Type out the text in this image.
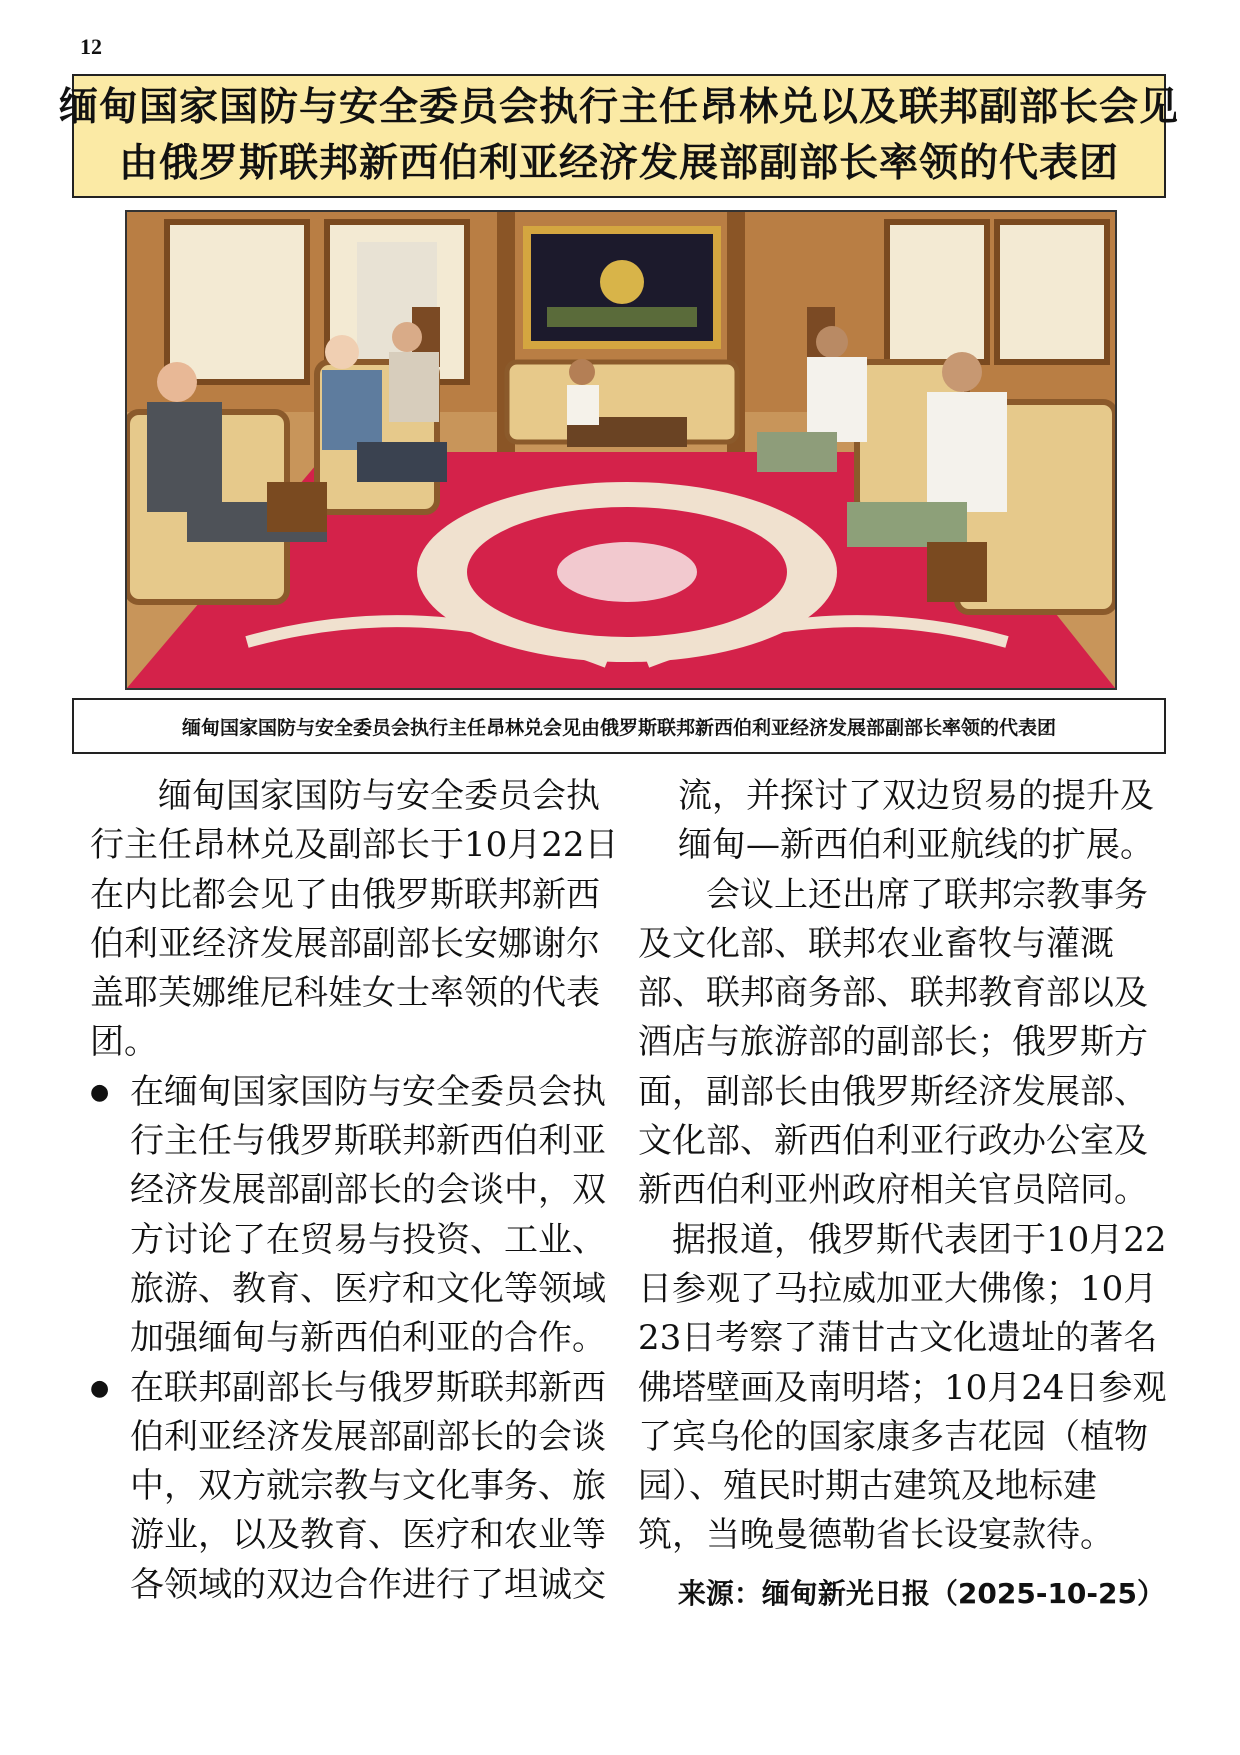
12
缅甸国家国防与安全委员会执行主任昂林兑以及联邦副部长会见
由俄罗斯联邦新西伯利亚经济发展部副部长率领的代表团
缅甸国家国防与安全委员会执行主任昂林兑会见由俄罗斯联邦新西伯利亚经济发展部副部长率领的代表团
　缅甸国家国防与安全委员会执
行主任昂林兑及副部长于10月22日
在内比都会见了由俄罗斯联邦新西
伯利亚经济发展部副部长安娜谢尔
盖耶芙娜维尼科娃女士率领的代表
团。
● 在缅甸国家国防与安全委员会执
行主任与俄罗斯联邦新西伯利亚
经济发展部副部长的会谈中，双
方讨论了在贸易与投资、工业、
旅游、教育、医疗和文化等领域
加强缅甸与新西伯利亚的合作。
● 在联邦副部长与俄罗斯联邦新西
伯利亚经济发展部副部长的会谈
中，双方就宗教与文化事务、旅
游业，以及教育、医疗和农业等
各领域的双边合作进行了坦诚交
流，并探讨了双边贸易的提升及
缅甸—新西伯利亚航线的扩展。
　会议上还出席了联邦宗教事务
及文化部、联邦农业畜牧与灌溉
部、联邦商务部、联邦教育部以及
酒店与旅游部的副部长；俄罗斯方
面，副部长由俄罗斯经济发展部、
文化部、新西伯利亚行政办公室及
新西伯利亚州政府相关官员陪同。
据报道，俄罗斯代表团于10月22
日参观了马拉威加亚大佛像；10月
23日考察了蒲甘古文化遗址的著名
佛塔壁画及南明塔；10月24日参观
了宾乌伦的国家康多吉花园（植物
园）、殖民时期古建筑及地标建
筑，当晚曼德勒省长设宴款待。
来源：缅甸新光日报（2025-10-25）
